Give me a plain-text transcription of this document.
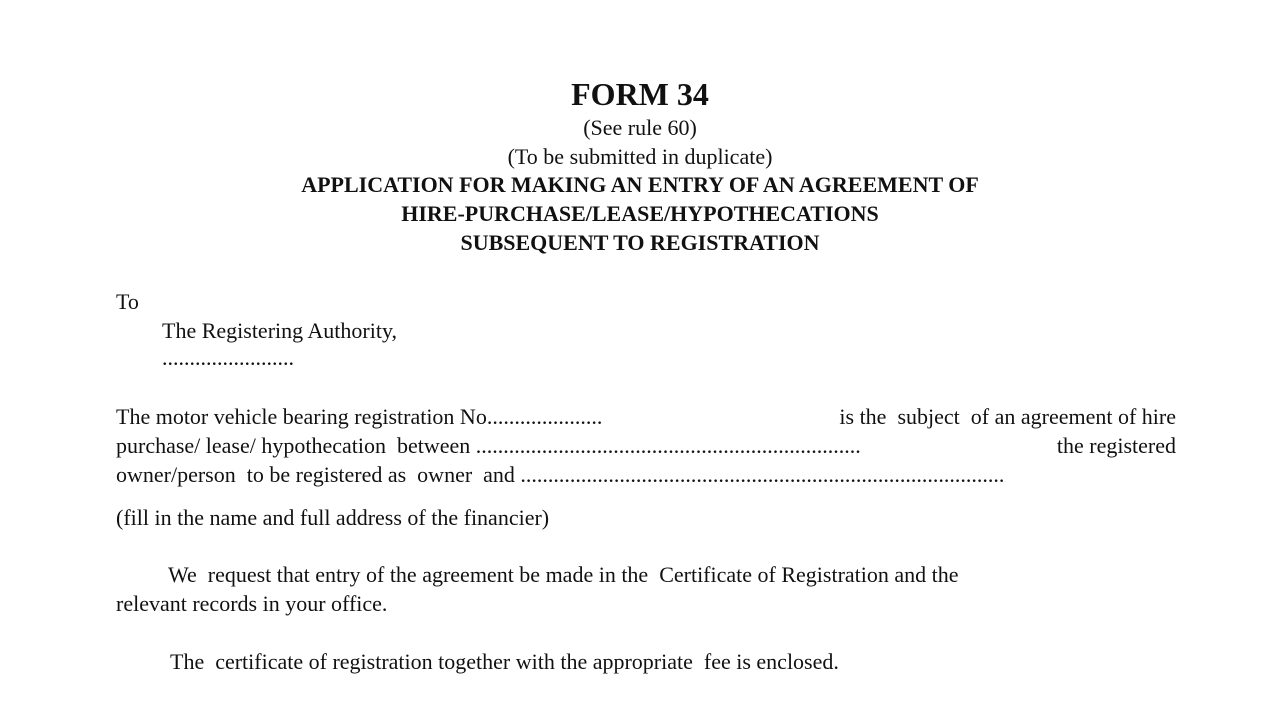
FORM 34
(See rule 60)
(To be submitted in duplicate)
APPLICATION FOR MAKING AN ENTRY OF AN AGREEMENT OF
HIRE-PURCHASE/LEASE/HYPOTHECATIONS
SUBSEQUENT TO REGISTRATION
To
The Registering Authority,
........................
The motor vehicle bearing registration No.....................	is the  subject  of an agreement of hire
purchase/ lease/ hypothecation  between ......................................................................	the registered
owner/person  to be registered as  owner  and ........................................................................................
(fill in the name and full address of the financier)
We  request that entry of the agreement be made in the  Certificate of Registration and the
relevant records in your office.
The  certificate of registration together with the appropriate  fee is enclosed.
